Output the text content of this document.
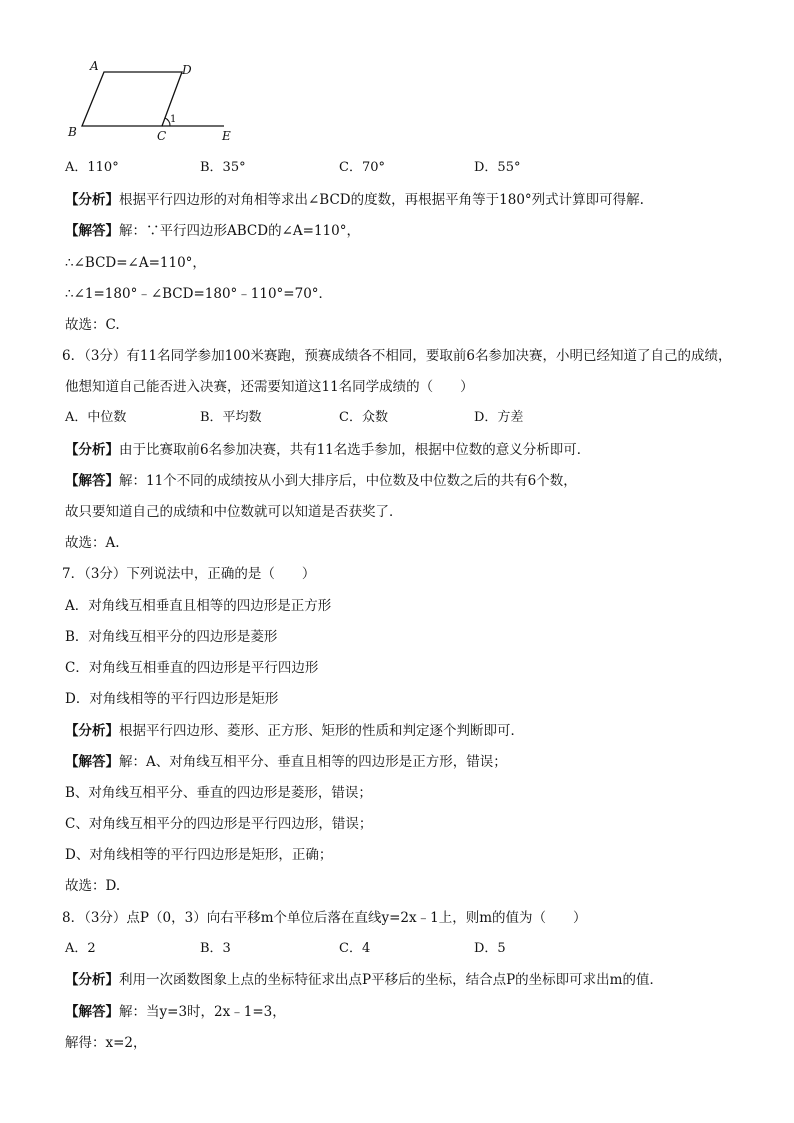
A	D
B	C	E
1
A．110°	B．35°	C．70°	D．55°
【分析】根据平行四边形的对角相等求出∠BCD的度数，再根据平角等于180°列式计算即可得解.
【解答】解：∵平行四边形ABCD的∠A=110°，
∴∠BCD=∠A=110°，
∴∠1=180°﹣∠BCD=180°﹣110°=70°．
故选：C.
6．（3分）有11名同学参加100米赛跑，预赛成绩各不相同，要取前6名参加决赛，小明已经知道了自己的成绩，
他想知道自己能否进入决赛，还需要知道这11名同学成绩的（　　）
A．中位数	B．平均数	C．众数	D．方差
【分析】由于比赛取前6名参加决赛，共有11名选手参加，根据中位数的意义分析即可．
【解答】解：11个不同的成绩按从小到大排序后，中位数及中位数之后的共有6个数，
故只要知道自己的成绩和中位数就可以知道是否获奖了．
故选：A.
7．（3分）下列说法中，正确的是（　　）
A．对角线互相垂直且相等的四边形是正方形
B．对角线互相平分的四边形是菱形
C．对角线互相垂直的四边形是平行四边形
D．对角线相等的平行四边形是矩形
【分析】根据平行四边形、菱形、正方形、矩形的性质和判定逐个判断即可．
【解答】解：A、对角线互相平分、垂直且相等的四边形是正方形，错误；
B、对角线互相平分、垂直的四边形是菱形，错误；
C、对角线互相平分的四边形是平行四边形，错误；
D、对角线相等的平行四边形是矩形，正确；
故选：D.
8．（3分）点P（0，3）向右平移m个单位后落在直线y=2x﹣1上，则m的值为（　　）
A．2	B．3	C．4	D．5
【分析】利用一次函数图象上点的坐标特征求出点P平移后的坐标，结合点P的坐标即可求出m的值．
【解答】解：当y=3时，2x﹣1=3，
解得：x=2，
